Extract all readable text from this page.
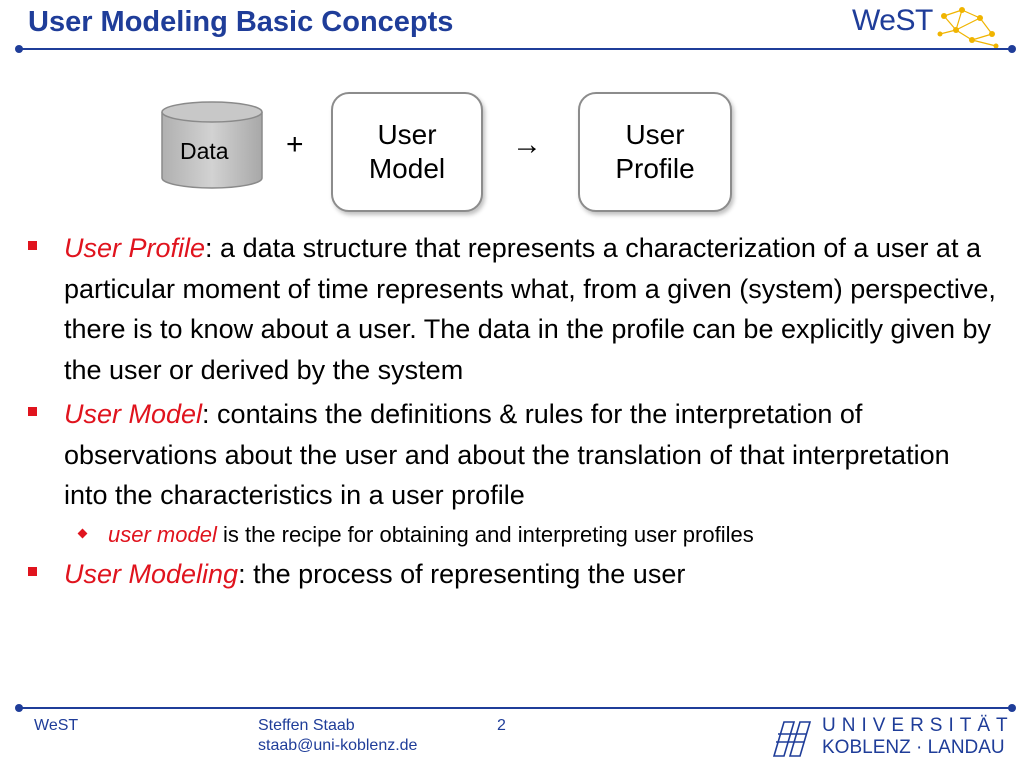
User Modeling Basic Concepts	WeST
Data +	User
Model
→	User
Profile
User Profile: a data structure that represents a characterization of a user at a particular moment of time represents what, from a given (system) perspective, there is to know about a user. The data in the profile can be explicitly given by the user or derived by the system
User Model: contains the definitions & rules for the interpretation of observations about the user and about the translation of that interpretation into the characteristics in a user profile
user model is the recipe for obtaining and interpreting user profiles
User Modeling: the process of representing the user
WeST	Steffen Staab
staab@uni-koblenz.de
2	UNIVERSITÄT
KOBLENZ · LANDAU
